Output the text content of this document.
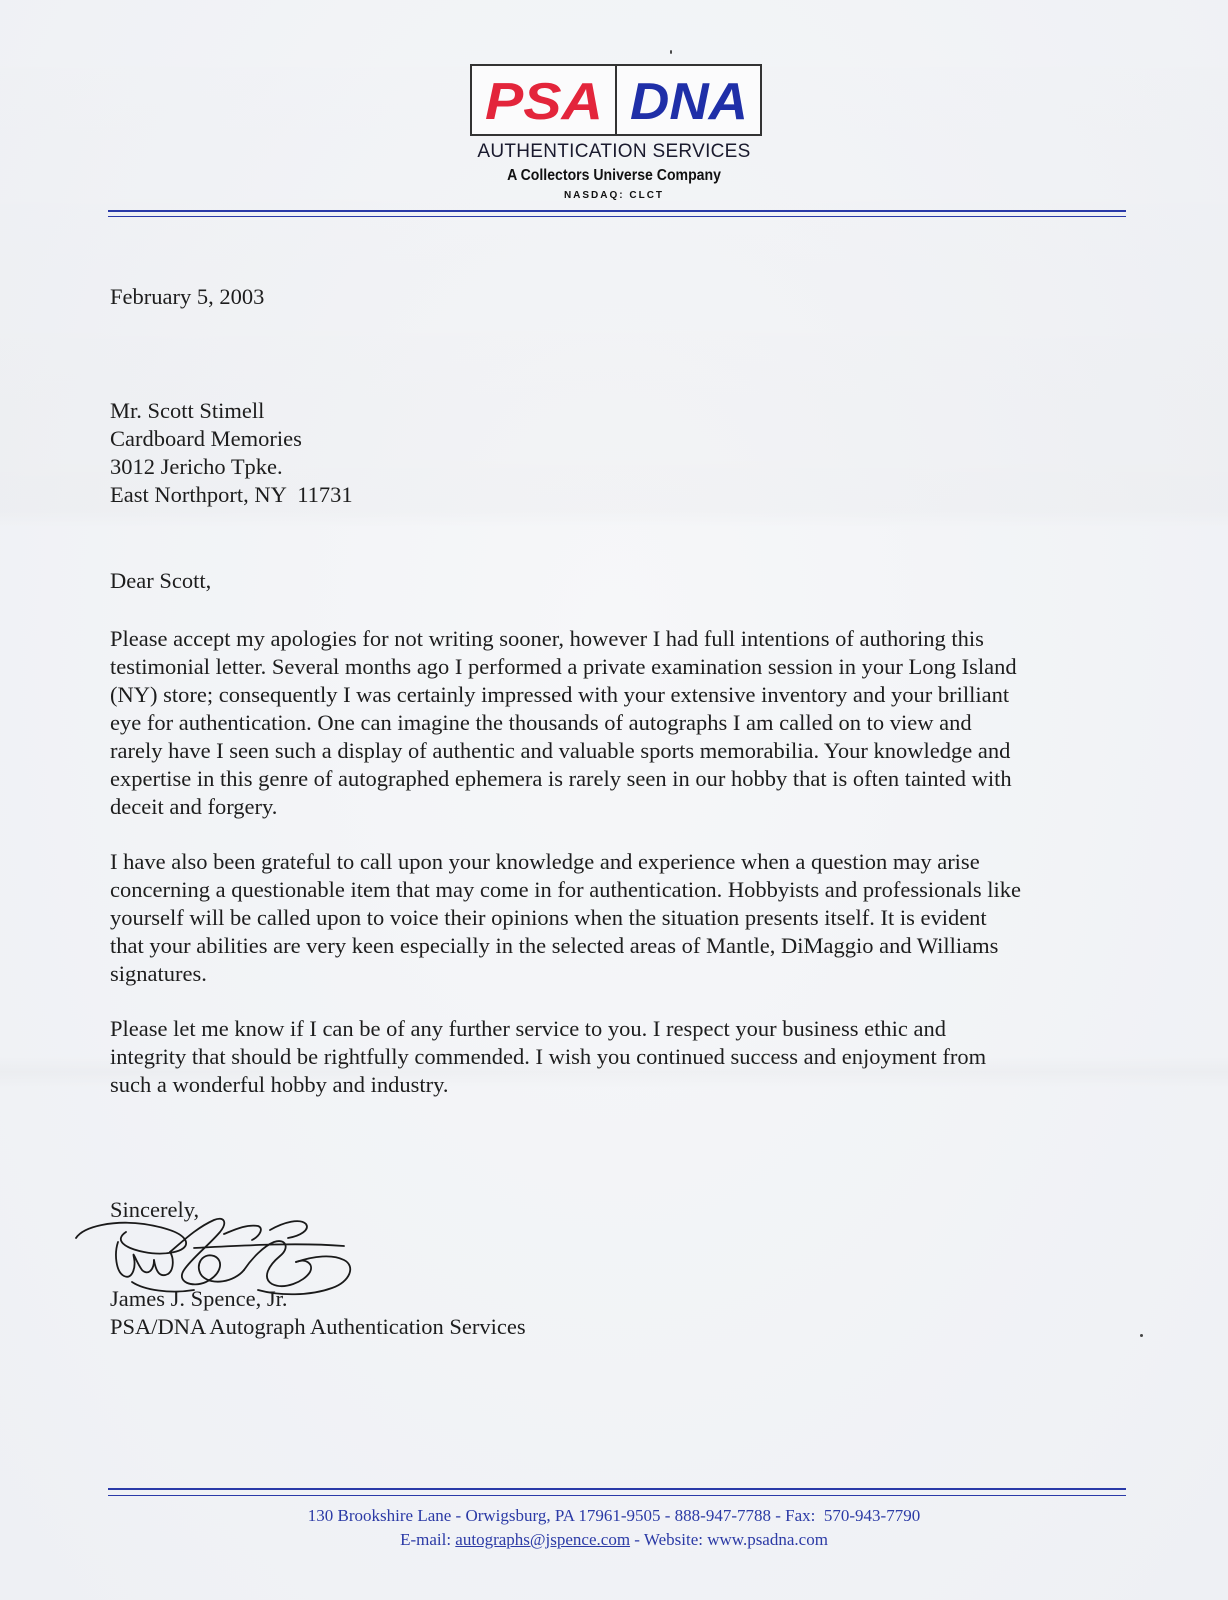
PSA DNA
AUTHENTICATION SERVICES
A Collectors Universe Company
NASDAQ: CLCT
February 5, 2003
Mr. Scott Stimell
Cardboard Memories
3012 Jericho Tpke.
East Northport, NY  11731
Dear Scott,
Please accept my apologies for not writing sooner, however I had full intentions of authoring this
testimonial letter. Several months ago I performed a private examination session in your Long Island
(NY) store; consequently I was certainly impressed with your extensive inventory and your brilliant
eye for authentication. One can imagine the thousands of autographs I am called on to view and
rarely have I seen such a display of authentic and valuable sports memorabilia. Your knowledge and
expertise in this genre of autographed ephemera is rarely seen in our hobby that is often tainted with
deceit and forgery.
I have also been grateful to call upon your knowledge and experience when a question may arise
concerning a questionable item that may come in for authentication. Hobbyists and professionals like
yourself will be called upon to voice their opinions when the situation presents itself. It is evident
that your abilities are very keen especially in the selected areas of Mantle, DiMaggio and Williams
signatures.
Please let me know if I can be of any further service to you. I respect your business ethic and
integrity that should be rightfully commended. I wish you continued success and enjoyment from
such a wonderful hobby and industry.
Sincerely,
James J. Spence, Jr.
PSA/DNA Autograph Authentication Services
130 Brookshire Lane - Orwigsburg, PA 17961-9505 - 888-947-7788 - Fax:  570-943-7790
E-mail: autographs@jspence.com - Website: www.psadna.com
